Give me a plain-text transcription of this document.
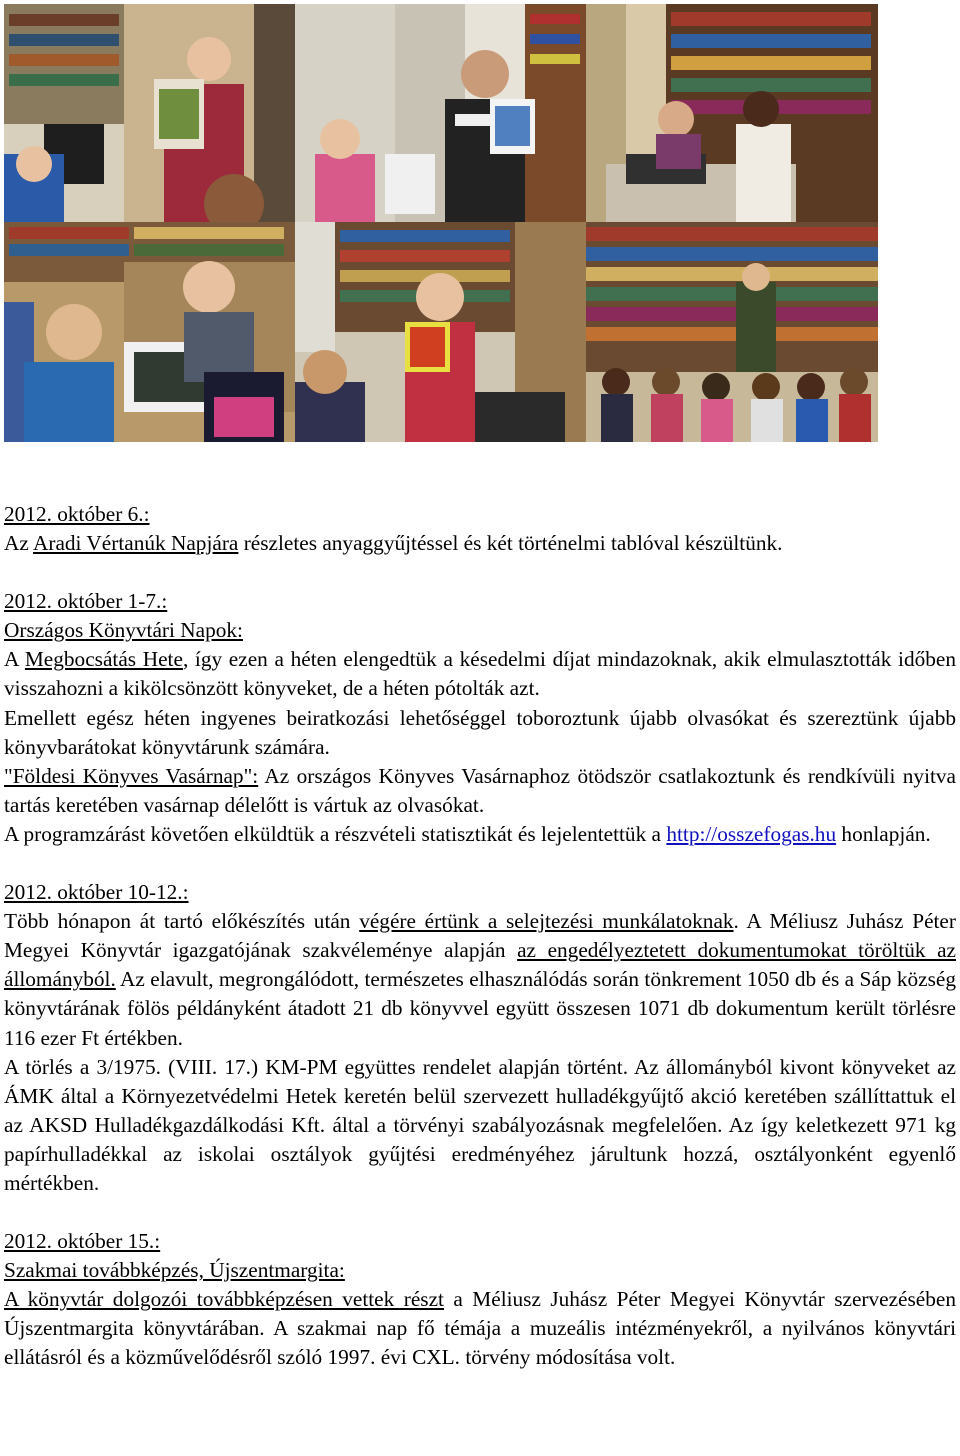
2012. október 6.:

Az Aradi Vértanúk Napjára részletes anyaggyűjtéssel és két történelmi tablóval készültünk.

2012. október 1-7.:

Országos Könyvtári Napok:

A Megbocsátás Hete, így ezen a héten elengedtük a késedelmi díjat mindazoknak, akik elmulasztották időben visszahozni a kikölcsönzött könyveket, de a héten pótolták azt.

Emellett egész héten ingyenes beiratkozási lehetőséggel toboroztunk újabb olvasókat és szereztünk újabb könyvbarátokat könyvtárunk számára.

"Földesi Könyves Vasárnap": Az országos Könyves Vasárnaphoz ötödször csatlakoztunk és rendkívüli nyitva tartás keretében vasárnap délelőtt is vártuk az olvasókat.

A programzárást követően elküldtük a részvételi statisztikát és lejelentettük a http://osszefogas.hu honlapján.

2012. október 10-12.:

Több hónapon át tartó előkészítés után végére értünk a selejtezési munkálatoknak. A Méliusz Juhász Péter Megyei Könyvtár igazgatójának szakvéleménye alapján az engedélyeztetett dokumentumokat töröltük az állományból. Az elavult, megrongálódott, természetes elhasználódás során tönkrement 1050 db és a Sáp község könyvtárának fölös példányként átadott 21 db könyvvel együtt összesen 1071 db dokumentum került törlésre 116 ezer Ft értékben.

A törlés a 3/1975. (VIII. 17.) KM-PM együttes rendelet alapján történt. Az állományból kivont könyveket az ÁMK által a Környezetvédelmi Hetek keretén belül szervezett hulladékgyűjtő akció keretében szállíttattuk el az AKSD Hulladékgazdálkodási Kft. által a törvényi szabályozásnak megfelelően. Az így keletkezett 971 kg papírhulladékkal az iskolai osztályok gyűjtési eredményéhez járultunk hozzá, osztályonként egyenlő mértékben.

2012. október 15.:

Szakmai továbbképzés, Újszentmargita:

A könyvtár dolgozói továbbképzésen vettek részt a Méliusz Juhász Péter Megyei Könyvtár szervezésében Újszentmargita könyvtárában. A szakmai nap fő témája a muzeális intézményekről, a nyilvános könyvtári ellátásról és a közművelődésről szóló 1997. évi CXL. törvény módosítása volt.
